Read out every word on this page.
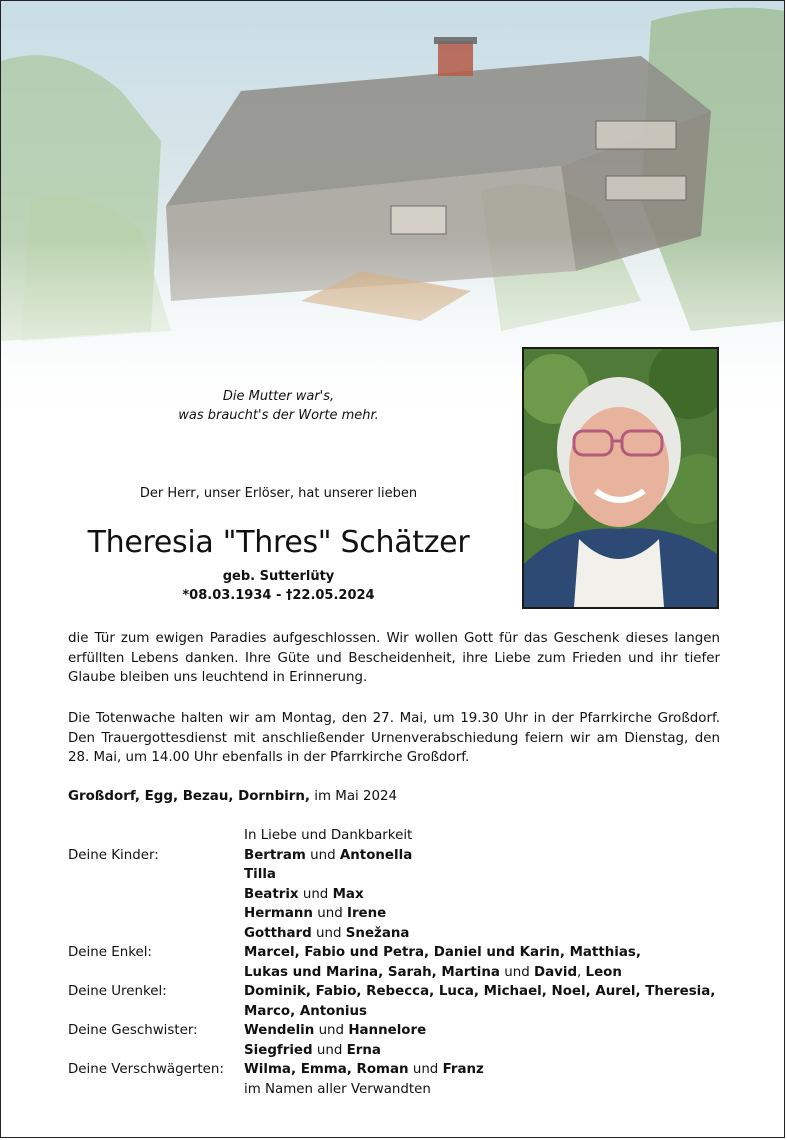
Die Mutter war's,
was braucht's der Worte mehr.
Der Herr, unser Erlöser, hat unserer lieben
Theresia "Thres" Schätzer
geb. Sutterlüty
*08.03.1934 - †22.05.2024
die Tür zum ewigen Paradies aufgeschlossen. Wir wollen Gott für das Geschenk dieses langen
erfüllten Lebens danken. Ihre Güte und Bescheidenheit, ihre Liebe zum Frieden und ihr tiefer
Glaube bleiben uns leuchtend in Erinnerung.
Die Totenwache halten wir am Montag, den 27. Mai, um 19.30 Uhr in der Pfarrkirche Großdorf.
Den Trauergottesdienst mit anschließender Urnenverabschiedung feiern wir am Dienstag, den
28. Mai, um 14.00 Uhr ebenfalls in der Pfarrkirche Großdorf.
Großdorf, Egg, Bezau, Dornbirn, im Mai 2024
In Liebe und Dankbarkeit
Deine Kinder:	Bertram und Antonella
Tilla
Beatrix und Max
Hermann und Irene
Gotthard und Snežana
Deine Enkel:	Marcel, Fabio und Petra, Daniel und Karin, Matthias,
Lukas und Marina, Sarah, Martina und David, Leon
Deine Urenkel:	Dominik, Fabio, Rebecca, Luca, Michael, Noel, Aurel, Theresia,
Marco, Antonius
Deine Geschwister:	Wendelin und Hannelore
Siegfried und Erna
Deine Verschwägerten:	Wilma, Emma, Roman und Franz
im Namen aller Verwandten
